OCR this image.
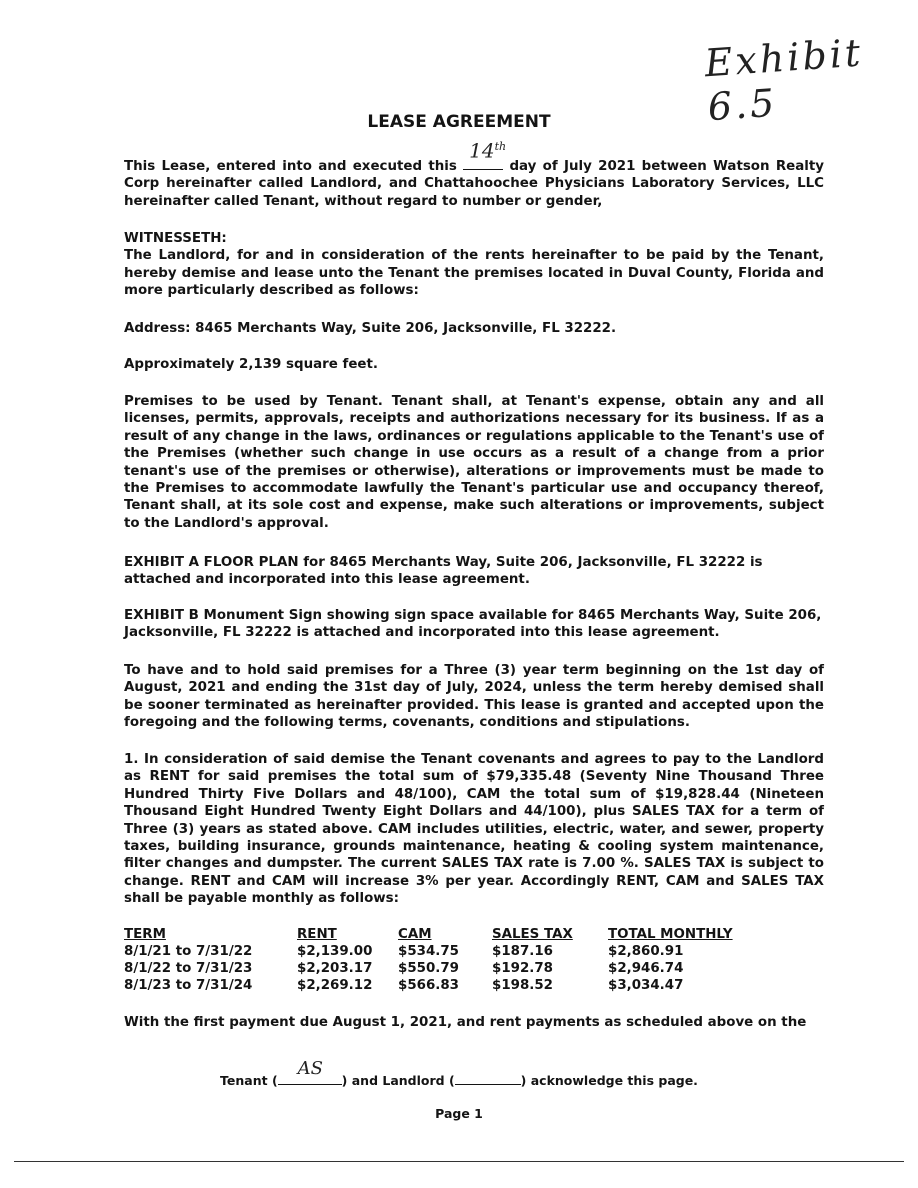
Exhibit 6.5
LEASE AGREEMENT

This Lease, entered into and executed this
14th
day of July 2021 between Watson Realty Corp hereinafter called Landlord, and Chattahoochee Physicians Laboratory Services, LLC hereinafter called Tenant, without regard to number or gender,

WITNESSETH:

The Landlord, for and in consideration of the rents hereinafter to be paid by the Tenant, hereby demise and lease unto the Tenant the premises located in Duval County, Florida and more particularly described as follows:

Address: 8465 Merchants Way, Suite 206, Jacksonville, FL 32222.
Approximately 2,139 square feet.
Premises to be used by Tenant. Tenant shall, at Tenant's expense, obtain any and all licenses, permits, approvals, receipts and authorizations necessary for its business. If as a result of any change in the laws, ordinances or regulations applicable to the Tenant's use of the Premises (whether such change in use occurs as a result of a change from a prior tenant's use of the premises or otherwise), alterations or improvements must be made to the Premises to accommodate lawfully the Tenant's particular use and occupancy thereof, Tenant shall, at its sole cost and expense, make such alterations or improvements, subject to the Landlord's approval.
EXHIBIT A FLOOR PLAN for 8465 Merchants Way, Suite 206, Jacksonville, FL 32222 is attached and incorporated into this lease agreement.
EXHIBIT B Monument Sign showing sign space available for 8465 Merchants Way, Suite 206, Jacksonville, FL 32222 is attached and incorporated into this lease agreement.
To have and to hold said premises for a Three (3) year term beginning on the 1st day of August, 2021 and ending the 31st day of July, 2024, unless the term hereby demised shall be sooner terminated as hereinafter provided. This lease is granted and accepted upon the foregoing and the following terms, covenants, conditions and stipulations.
1. In consideration of said demise the Tenant covenants and agrees to pay to the Landlord as RENT for said premises the total sum of $79,335.48 (Seventy Nine Thousand Three Hundred Thirty Five Dollars and 48/100), CAM the total sum of $19,828.44 (Nineteen Thousand Eight Hundred Twenty Eight Dollars and 44/100), plus SALES TAX for a term of Three (3) years as stated above. CAM includes utilities, electric, water, and sewer, property taxes, building insurance, grounds maintenance, heating & cooling system maintenance, filter changes and dumpster. The current SALES TAX rate is 7.00 %. SALES TAX is subject to change. RENT and CAM will increase 3% per year. Accordingly RENT, CAM and SALES TAX shall be payable monthly as follows:
TERM	RENT	CAM	SALES TAX	TOTAL MONTHLY
8/1/21 to 7/31/22	$2,139.00	$534.75	$187.16	$2,860.91
8/1/22 to 7/31/23	$2,203.17	$550.79	$192.78	$2,946.74
8/1/23 to 7/31/24	$2,269.12	$566.83	$198.52	$3,034.47
With the first payment due August 1, 2021, and rent payments as scheduled above on the
Tenant (
AS
) and Landlord (	) acknowledge this page.
Page 1
